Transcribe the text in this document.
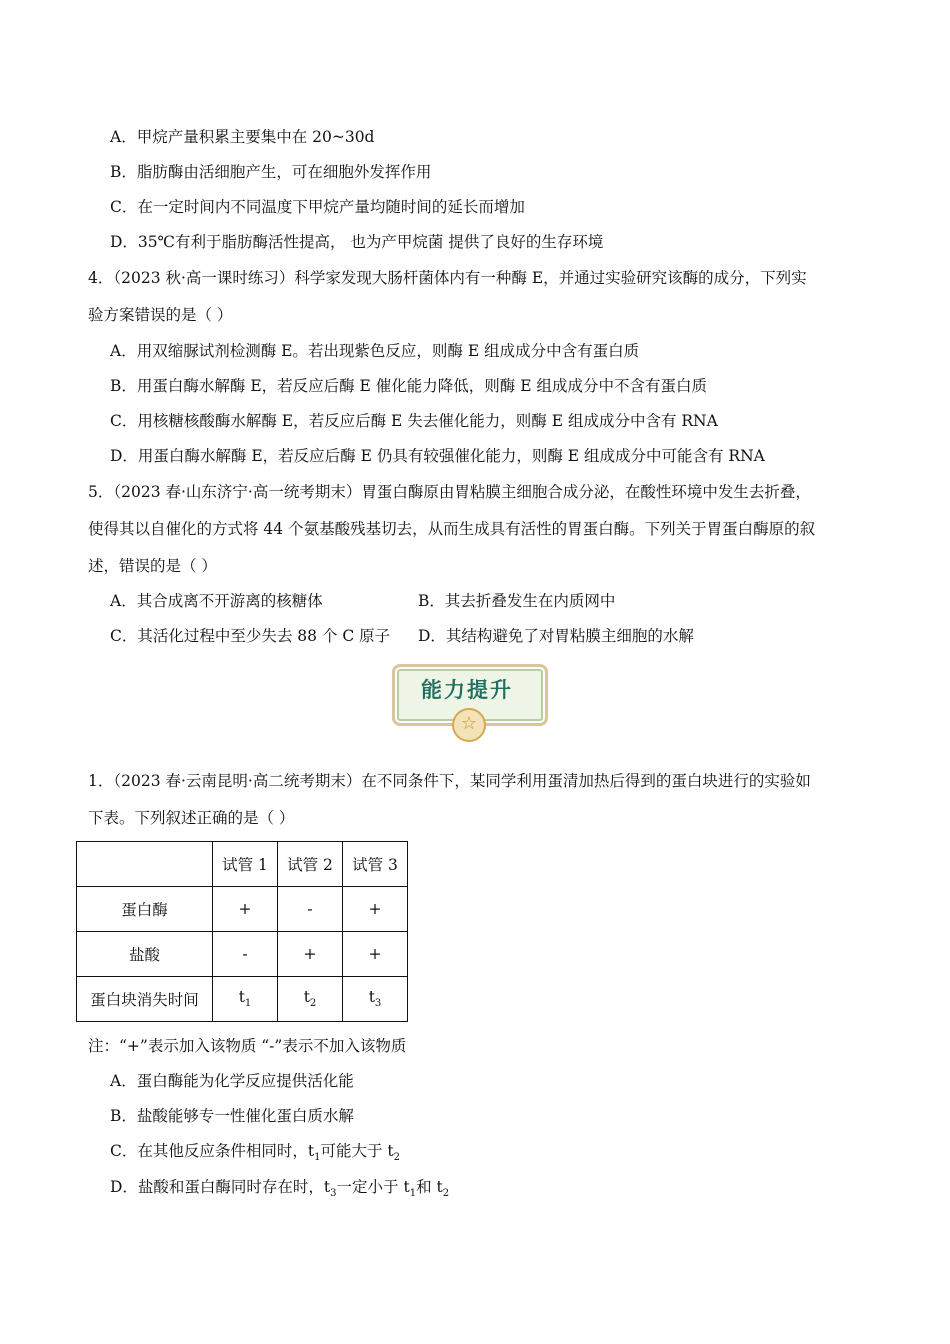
A．甲烷产量积累主要集中在 20~30d
B．脂肪酶由活细胞产生，可在细胞外发挥作用
C．在一定时间内不同温度下甲烷产量均随时间的延长而增加
D．35℃有利于脂肪酶活性提高， 也为产甲烷菌 提供了良好的生存环境
4．（2023 秋·高一课时练习）科学家发现大肠杆菌体内有一种酶 E，并通过实验研究该酶的成分，下列实
验方案错误的是（ ）
A．用双缩脲试剂检测酶 E。若出现紫色反应，则酶 E 组成成分中含有蛋白质
B．用蛋白酶水解酶 E，若反应后酶 E 催化能力降低，则酶 E 组成成分中不含有蛋白质
C．用核糖核酸酶水解酶 E，若反应后酶 E 失去催化能力，则酶 E 组成成分中含有 RNA
D．用蛋白酶水解酶 E，若反应后酶 E 仍具有较强催化能力，则酶 E 组成成分中可能含有 RNA
5．（2023 春·山东济宁·高一统考期末）胃蛋白酶原由胃粘膜主细胞合成分泌，在酸性环境中发生去折叠，
使得其以自催化的方式将 44 个氨基酸残基切去，从而生成具有活性的胃蛋白酶。下列关于胃蛋白酶原的叙
述，错误的是（ ）
A．其合成离不开游离的核糖体	B．其去折叠发生在内质网中
C．其活化过程中至少失去 88 个 C 原子 D．其结构避免了对胃粘膜主细胞的水解
能力提升
☆
1．（2023 春·云南昆明·高二统考期末）在不同条件下，某同学利用蛋清加热后得到的蛋白块进行的实验如
下表。下列叙述正确的是（ ）
	试管 1	试管 2	试管 3
蛋白酶	+	-	+
盐酸	-	+	+
蛋白块消失时间	$t_1$	$t_2$	$t_3$
注：“+”表示加入该物质 “-”表示不加入该物质
A．蛋白酶能为化学反应提供活化能
B．盐酸能够专一性催化蛋白质水解
C．在其他反应条件相同时，$t_1$可能大于 $t_2$
D．盐酸和蛋白酶同时存在时，$t_3$一定小于 $t_1$和 $t_2$
